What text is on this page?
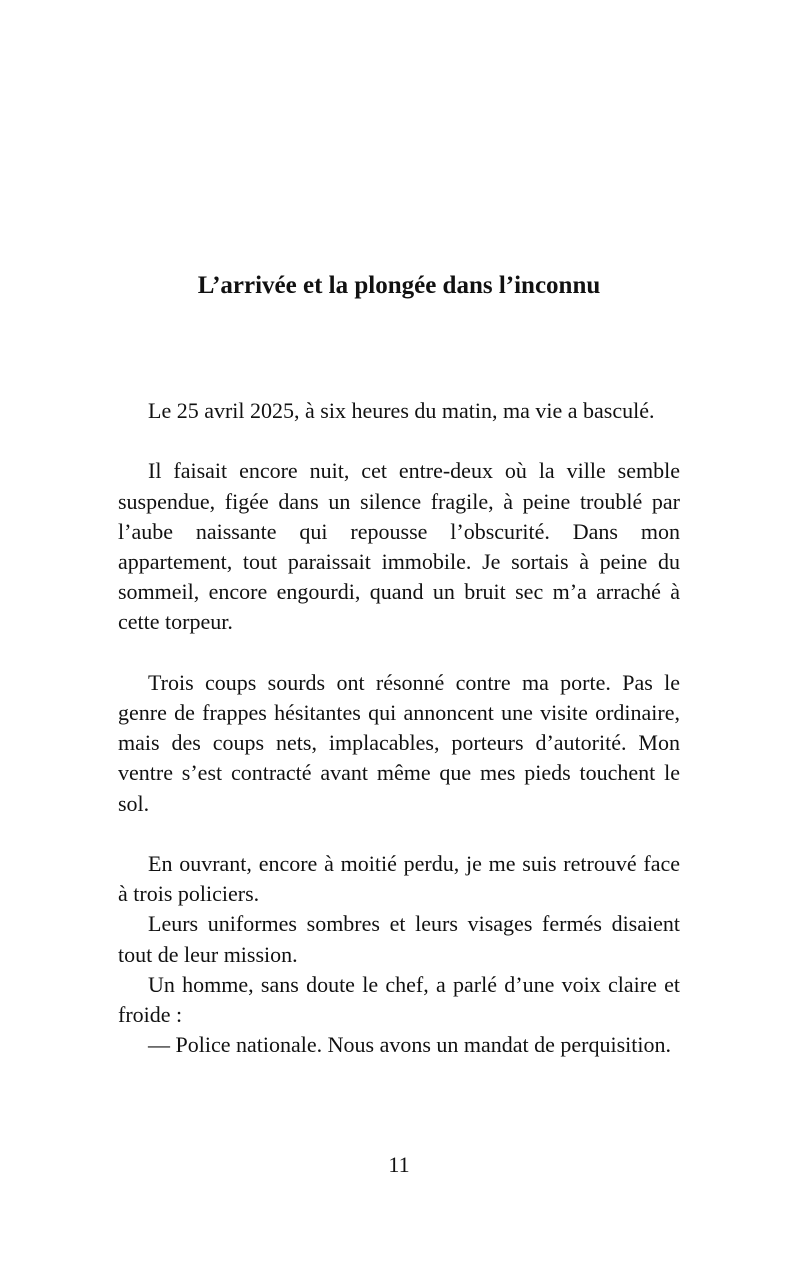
L’arrivée et la plongée dans l’inconnu

Le 25 avril 2025, à six heures du matin, ma vie a basculé.

Il faisait encore nuit, cet entre-deux où la ville semble suspendue, figée dans un silence fragile, à peine troublé par l’aube naissante qui repousse l’obscurité. Dans mon appartement, tout paraissait immobile. Je sortais à peine du sommeil, encore engourdi, quand un bruit sec m’a arraché à cette torpeur.

Trois coups sourds ont résonné contre ma porte. Pas le genre de frappes hésitantes qui annoncent une visite ordinaire, mais des coups nets, implacables, porteurs d’autorité. Mon ventre s’est contracté avant même que mes pieds touchent le sol.

En ouvrant, encore à moitié perdu, je me suis retrouvé face à trois policiers.

Leurs uniformes sombres et leurs visages fermés disaient tout de leur mission.

Un homme, sans doute le chef, a parlé d’une voix claire et froide :

— Police nationale. Nous avons un mandat de perquisition.

11
